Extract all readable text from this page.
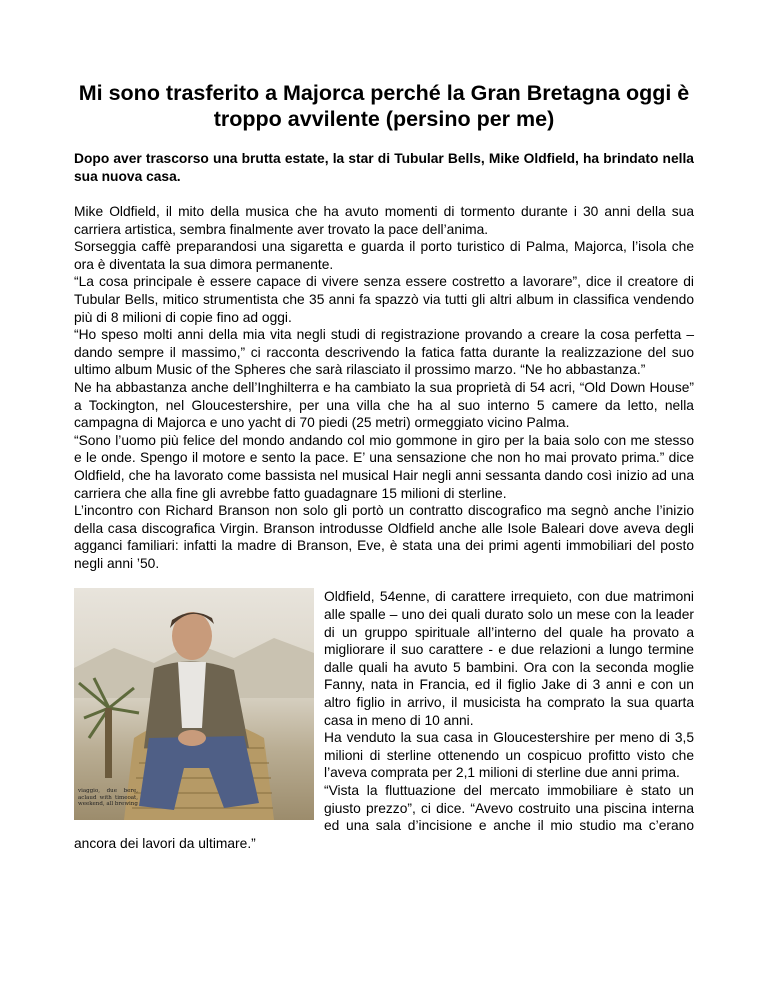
Mi sono trasferito a Majorca perché la Gran Bretagna oggi è troppo avvilente (persino per me)

Dopo aver trascorso una brutta estate, la star di Tubular Bells, Mike Oldfield, ha brindato nella sua nuova casa.

Mike Oldfield, il mito della musica che ha avuto momenti di tormento durante i 30 anni della sua carriera artistica, sembra finalmente aver trovato la pace dell’anima.

Sorseggia caffè preparandosi una sigaretta e guarda il porto turistico di Palma, Majorca, l’isola che ora è diventata la sua dimora permanente.

“La cosa principale è essere capace di vivere senza essere costretto a lavorare”, dice il creatore di Tubular Bells, mitico strumentista che 35 anni fa spazzò via tutti gli altri album in classifica vendendo più di 8 milioni di copie fino ad oggi.

“Ho speso molti anni della mia vita negli studi di registrazione provando a creare la cosa perfetta – dando sempre il massimo,” ci racconta descrivendo la fatica fatta durante la realizzazione del suo ultimo album Music of the Spheres che sarà rilasciato il prossimo marzo. “Ne ho abbastanza.”

Ne ha abbastanza anche dell’Inghilterra e ha cambiato la sua proprietà di 54 acri, “Old Down House” a Tockington, nel Gloucestershire, per una villa che ha al suo interno 5 camere da letto, nella campagna di Majorca e uno yacht di 70 piedi (25 metri) ormeggiato vicino Palma.

“Sono l’uomo più felice del mondo andando col mio gommone in giro per la baia solo con me stesso e le onde. Spengo il motore e sento la pace. E’ una sensazione che non ho mai provato prima.” dice Oldfield, che ha lavorato come bassista nel musical Hair negli anni sessanta dando così inizio ad una carriera che alla fine gli avrebbe fatto guadagnare 15 milioni di sterline.

L’incontro con Richard Branson non solo gli portò un contratto discografico ma segnò anche l’inizio della casa discografica Virgin. Branson introdusse Oldfield anche alle Isole Baleari dove aveva degli agganci familiari: infatti la madre di Branson, Eve, è stata una dei primi agenti immobiliari del posto negli anni ’50.

viaggio, due bere, aclaud with timeoat, weekend, all brewing

Oldfield, 54enne, di carattere irrequieto, con due matrimoni alle spalle – uno dei quali durato solo un mese con la leader di un gruppo spirituale all’interno del quale ha provato a migliorare il suo carattere - e due relazioni a lungo termine dalle quali ha avuto 5 bambini. Ora con la seconda moglie Fanny, nata in Francia, ed il figlio Jake di 3 anni e con un altro figlio in arrivo, il musicista ha comprato la sua quarta casa in meno di 10 anni.

Ha venduto la sua casa in Gloucestershire per meno di 3,5 milioni di sterline ottenendo un cospicuo profitto visto che l’aveva comprata per 2,1 milioni di sterline due anni prima.

“Vista la fluttuazione del mercato immobiliare è stato un giusto prezzo”, ci dice. “Avevo costruito una piscina interna ed una sala d’incisione e anche il mio studio ma c’erano ancora dei lavori da ultimare.”
